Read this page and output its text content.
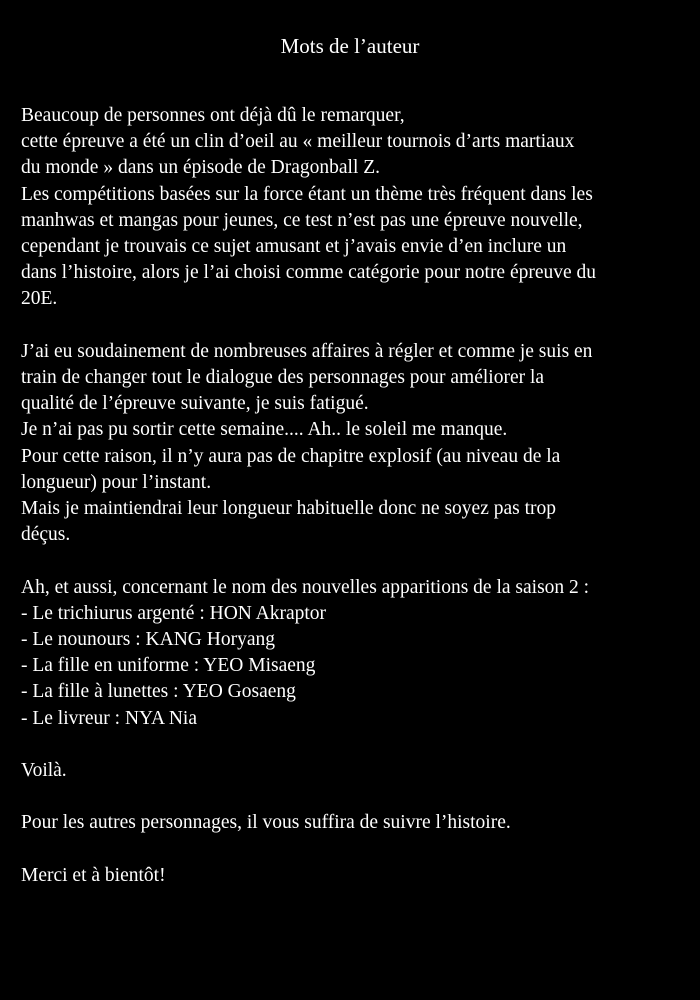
Mots de l’auteur
Beaucoup de personnes ont déjà dû le remarquer,
cette épreuve a été un clin d’oeil au « meilleur tournois d’arts martiaux
du monde » dans un épisode de Dragonball Z.
Les compétitions basées sur la force étant un thème très fréquent dans les
manhwas et mangas pour jeunes, ce test n’est pas une épreuve nouvelle,
cependant je trouvais ce sujet amusant et j’avais envie d’en inclure un
dans l’histoire, alors je l’ai choisi comme catégorie pour notre épreuve du
20E.
J’ai eu soudainement de nombreuses affaires à régler et comme je suis en
train de changer tout le dialogue des personnages pour améliorer la
qualité de l’épreuve suivante, je suis fatigué.
Je n’ai pas pu sortir cette semaine.... Ah.. le soleil me manque.
Pour cette raison, il n’y aura pas de chapitre explosif (au niveau de la
longueur) pour l’instant.
Mais je maintiendrai leur longueur habituelle donc ne soyez pas trop
déçus.
Ah, et aussi, concernant le nom des nouvelles apparitions de la saison 2 :
- Le trichiurus argenté : HON Akraptor
- Le nounours : KANG Horyang
- La fille en uniforme : YEO Misaeng
- La fille à lunettes : YEO Gosaeng
- Le livreur : NYA Nia
Voilà.
Pour les autres personnages, il vous suffira de suivre l’histoire.
Merci et à bientôt!
